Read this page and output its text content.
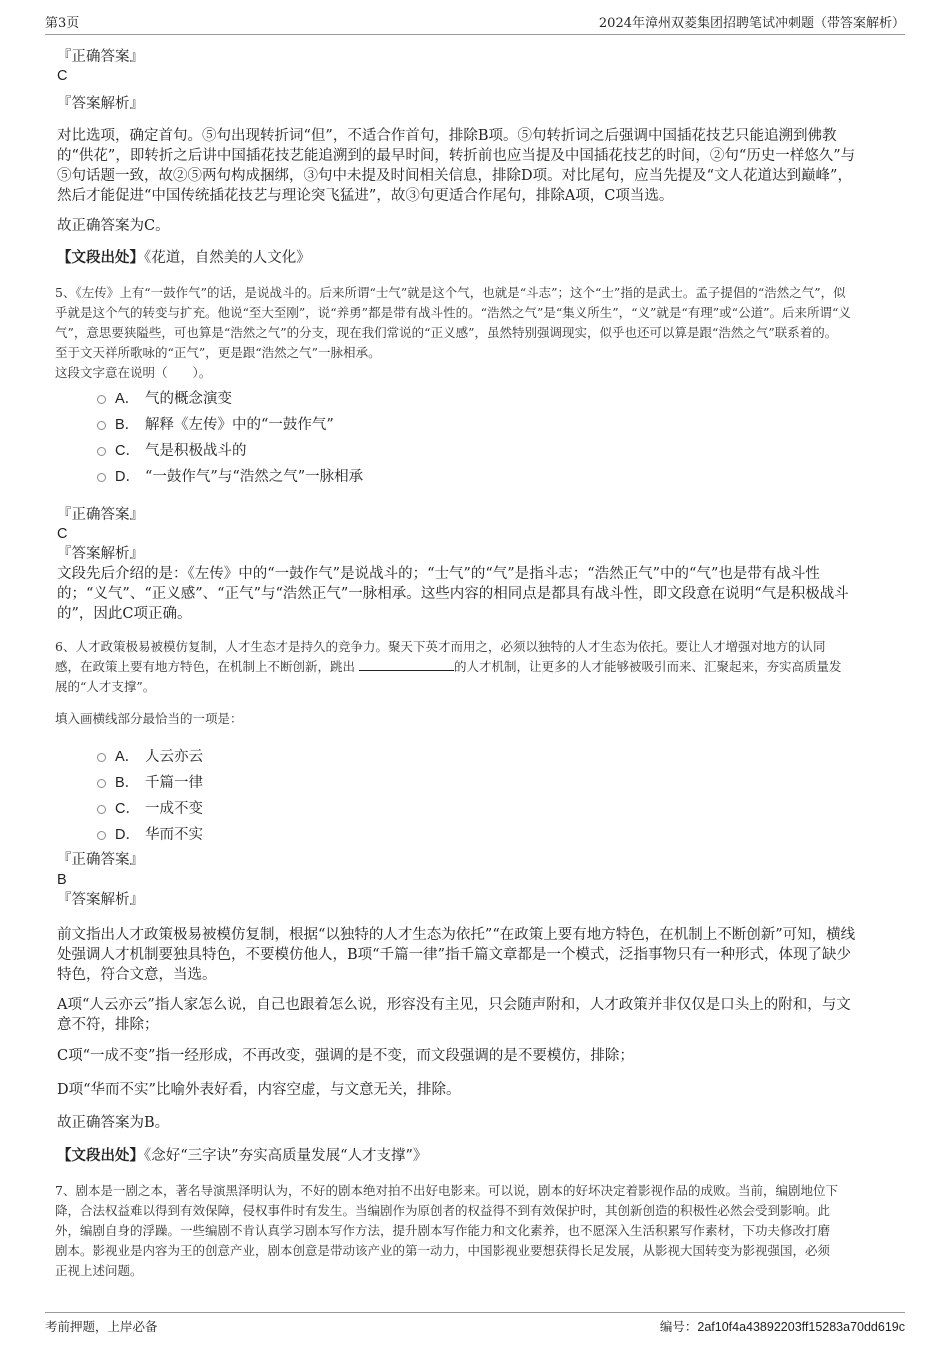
第3页	2024年漳州双菱集团招聘笔试冲刺题（带答案解析）
『正确答案』
C
『答案解析』
对比选项，确定首句。⑤句出现转折词“但”，不适合作首句，排除B项。⑤句转折词之后强调中国插花技艺只能追溯到佛教
的“供花”，即转折之后讲中国插花技艺能追溯到的最早时间，转折前也应当提及中国插花技艺的时间，②句“历史一样悠久”与
⑤句话题一致，故②⑤两句构成捆绑，③句中未提及时间相关信息，排除D项。对比尾句，应当先提及“文人花道达到巅峰”，
然后才能促进“中国传统插花技艺与理论突飞猛进”，故③句更适合作尾句，排除A项，C项当选。
故正确答案为C。
【文段出处】《花道，自然美的人文化》
5、《左传》上有“一鼓作气”的话，是说战斗的。后来所谓“士气”就是这个气，也就是“斗志”；这个“士”指的是武士。孟子提倡的“浩然之气”，似
乎就是这个气的转变与扩充。他说“至大至刚”，说“养勇”都是带有战斗性的。“浩然之气”是“集义所生”，“义”就是“有理”或“公道”。后来所谓“义
气”，意思要狭隘些，可也算是“浩然之气”的分支，现在我们常说的“正义感”，虽然特别强调现实，似乎也还可以算是跟“浩然之气”联系着的。
至于文天祥所歌咏的“正气”，更是跟“浩然之气”一脉相承。
这段文字意在说明（　　）。
A． 气的概念演变
B． 解释《左传》中的“一鼓作气”
C． 气是积极战斗的
D． “一鼓作气”与“浩然之气”一脉相承
『正确答案』
C
『答案解析』
文段先后介绍的是：《左传》中的“一鼓作气”是说战斗的；“士气”的“气”是指斗志；“浩然正气”中的“气”也是带有战斗性
的；“义气”、“正义感”、“正气”与“浩然正气”一脉相承。这些内容的相同点是都具有战斗性，即文段意在说明“气是积极战斗
的”，因此C项正确。
6、人才政策极易被模仿复制，人才生态才是持久的竞争力。聚天下英才而用之，必须以独特的人才生态为依托。要让人才增强对地方的认同
感，在政策上要有地方特色，在机制上不断创新，跳出	的人才机制，让更多的人才能够被吸引而来、汇聚起来，夯实高质量发
展的“人才支撑”。
填入画横线部分最恰当的一项是：
A． 人云亦云
B． 千篇一律
C． 一成不变
D． 华而不实
『正确答案』
B
『答案解析』
前文指出人才政策极易被模仿复制，根据“以独特的人才生态为依托”“在政策上要有地方特色，在机制上不断创新”可知，横线
处强调人才机制要独具特色，不要模仿他人，B项“千篇一律”指千篇文章都是一个模式，泛指事物只有一种形式，体现了缺少
特色，符合文意，当选。
A项“人云亦云”指人家怎么说，自己也跟着怎么说，形容没有主见，只会随声附和，人才政策并非仅仅是口头上的附和，与文
意不符，排除；
C项“一成不变”指一经形成，不再改变，强调的是不变，而文段强调的是不要模仿，排除；
D项“华而不实”比喻外表好看，内容空虚，与文意无关，排除。
故正确答案为B。
【文段出处】《念好“三字诀”夯实高质量发展“人才支撑”》
7、剧本是一剧之本，著名导演黑泽明认为，不好的剧本绝对拍不出好电影来。可以说，剧本的好坏决定着影视作品的成败。当前，编剧地位下
降，合法权益难以得到有效保障，侵权事件时有发生。当编剧作为原创者的权益得不到有效保护时，其创新创造的积极性必然会受到影响。此
外，编剧自身的浮躁。一些编剧不肯认真学习剧本写作方法，提升剧本写作能力和文化素养，也不愿深入生活积累写作素材，下功夫修改打磨
剧本。影视业是内容为王的创意产业，剧本创意是带动该产业的第一动力，中国影视业要想获得长足发展，从影视大国转变为影视强国，必须
正视上述问题。
考前押题，上岸必备	编号：2af10f4a43892203ff15283a70dd619c
